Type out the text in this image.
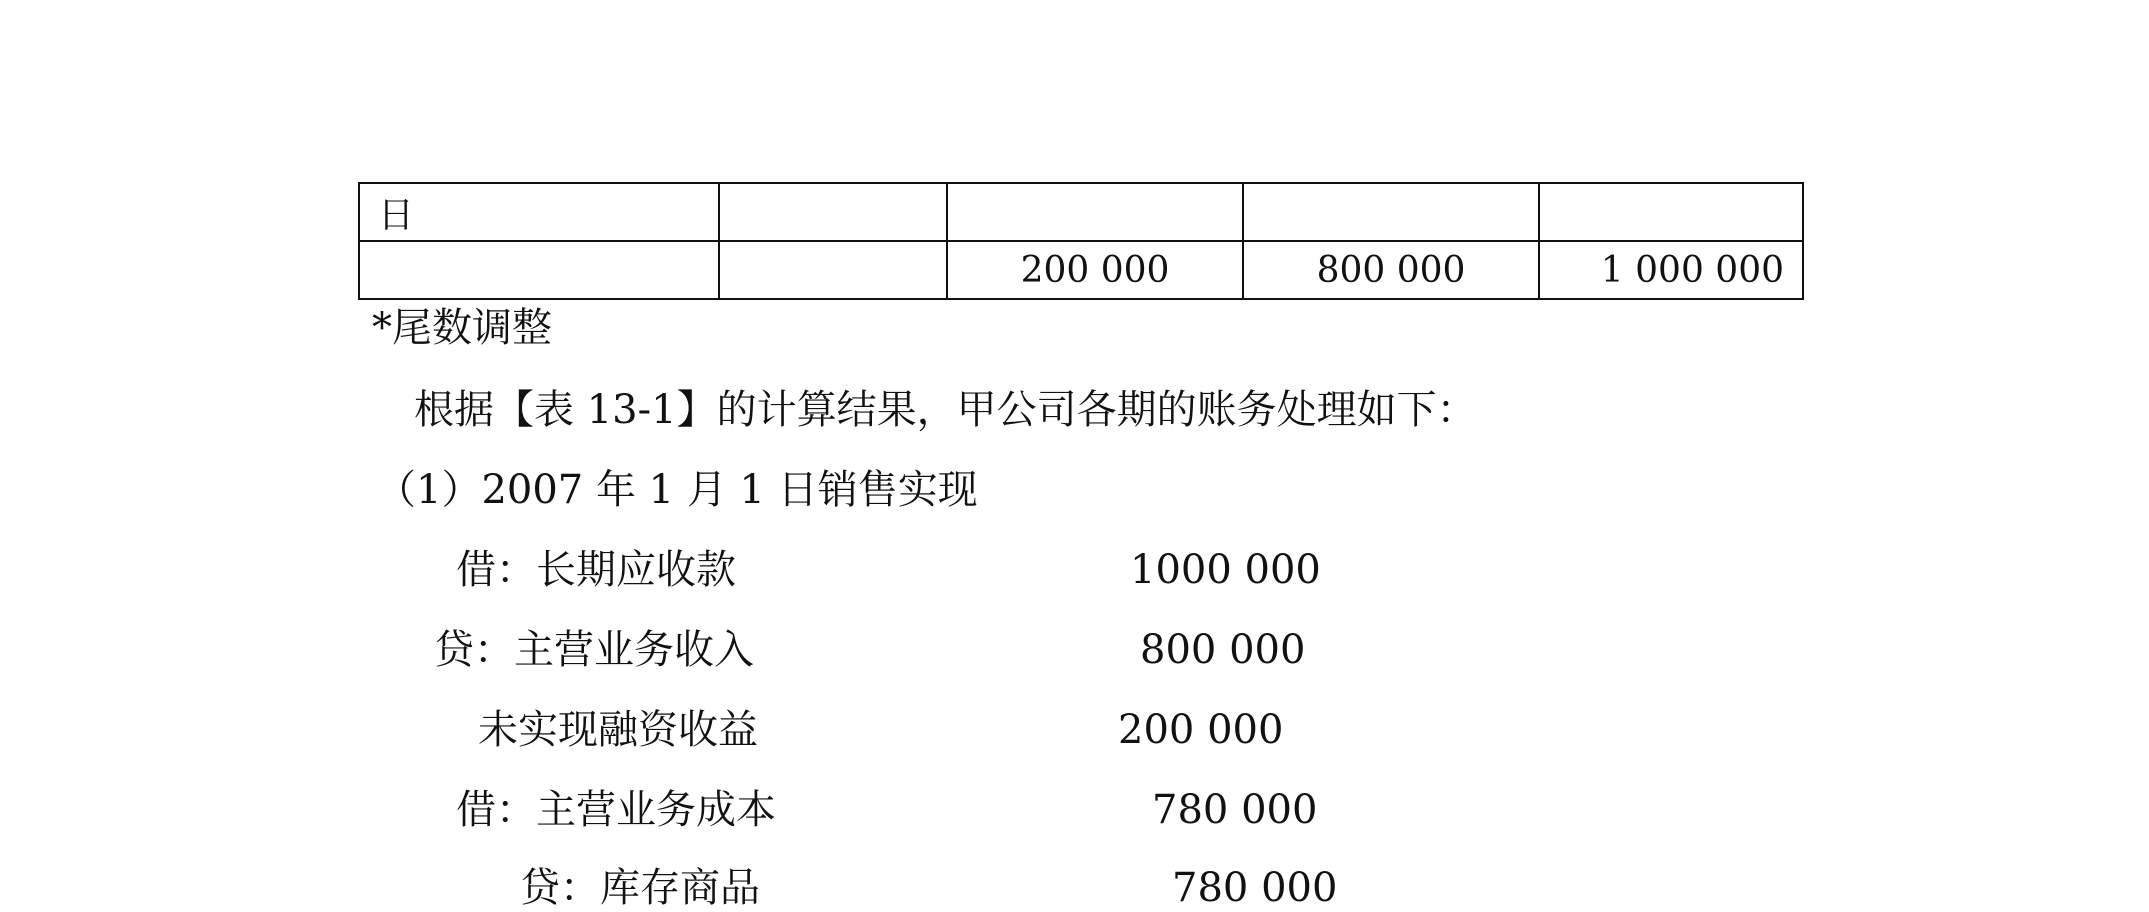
日				
		200 000	800 000	1 000 000
*尾数调整
根据【表 13-1】的计算结果，甲公司各期的账务处理如下：
（1）2007 年 1 月 1 日销售实现
借：长期应收款	1000 000
贷：主营业务收入	800 000
未实现融资收益	200 000
借：主营业务成本	780 000
贷：库存商品	780 000
